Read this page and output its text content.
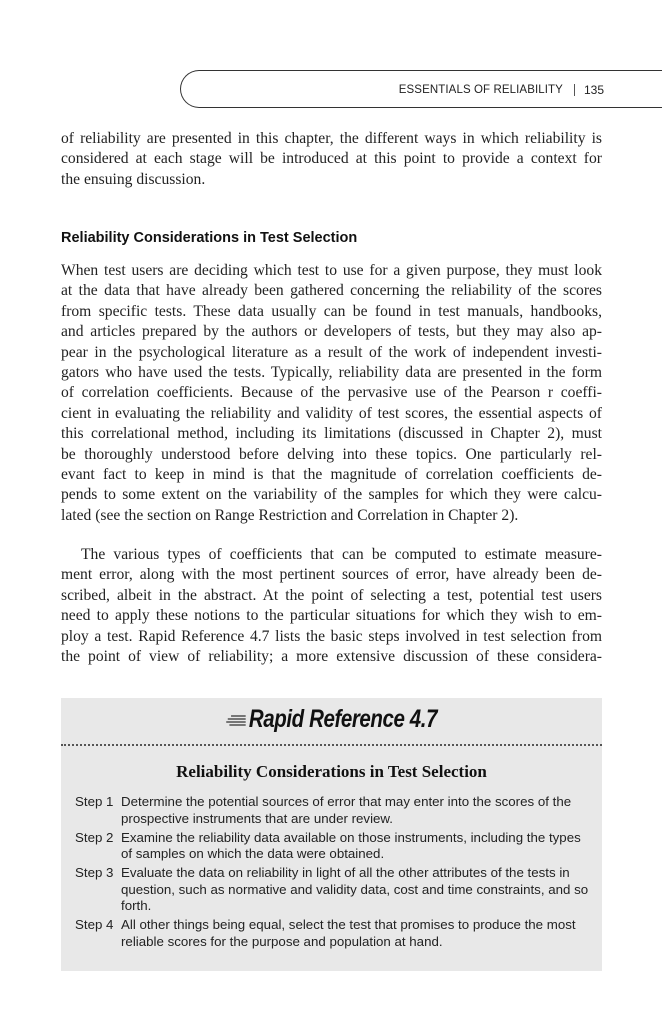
ESSENTIALS OF RELIABILITY 135
of reliability are presented in this chapter, the different ways in which reliability is
considered at each stage will be introduced at this point to provide a context for
the ensuing discussion.
Reliability Considerations in Test Selection
When test users are deciding which test to use for a given purpose, they must look
at the data that have already been gathered concerning the reliability of the scores
from specific tests. These data usually can be found in test manuals, handbooks,
and articles prepared by the authors or developers of tests, but they may also ap-
pear in the psychological literature as a result of the work of independent investi-
gators who have used the tests. Typically, reliability data are presented in the form
of correlation coefficients. Because of the pervasive use of the Pearson r coeffi-
cient in evaluating the reliability and validity of test scores, the essential aspects of
this correlational method, including its limitations (discussed in Chapter 2), must
be thoroughly understood before delving into these topics. One particularly rel-
evant fact to keep in mind is that the magnitude of correlation coefficients de-
pends to some extent on the variability of the samples for which they were calcu-
lated (see the section on Range Restriction and Correlation in Chapter 2).
The various types of coefficients that can be computed to estimate measure-
ment error, along with the most pertinent sources of error, have already been de-
scribed, albeit in the abstract. At the point of selecting a test, potential test users
need to apply these notions to the particular situations for which they wish to em-
ploy a test. Rapid Reference 4.7 lists the basic steps involved in test selection from
the point of view of reliability; a more extensive discussion of these considera-
Rapid Reference 4.7
Reliability Considerations in Test Selection
Step 1 Determine the potential sources of error that may enter into the scores of the prospective instruments that are under review.
Step 2 Examine the reliability data available on those instruments, including the types of samples on which the data were obtained.
Step 3 Evaluate the data on reliability in light of all the other attributes of the tests in question, such as normative and validity data, cost and time constraints, and so forth.
Step 4 All other things being equal, select the test that promises to produce the most reliable scores for the purpose and population at hand.
